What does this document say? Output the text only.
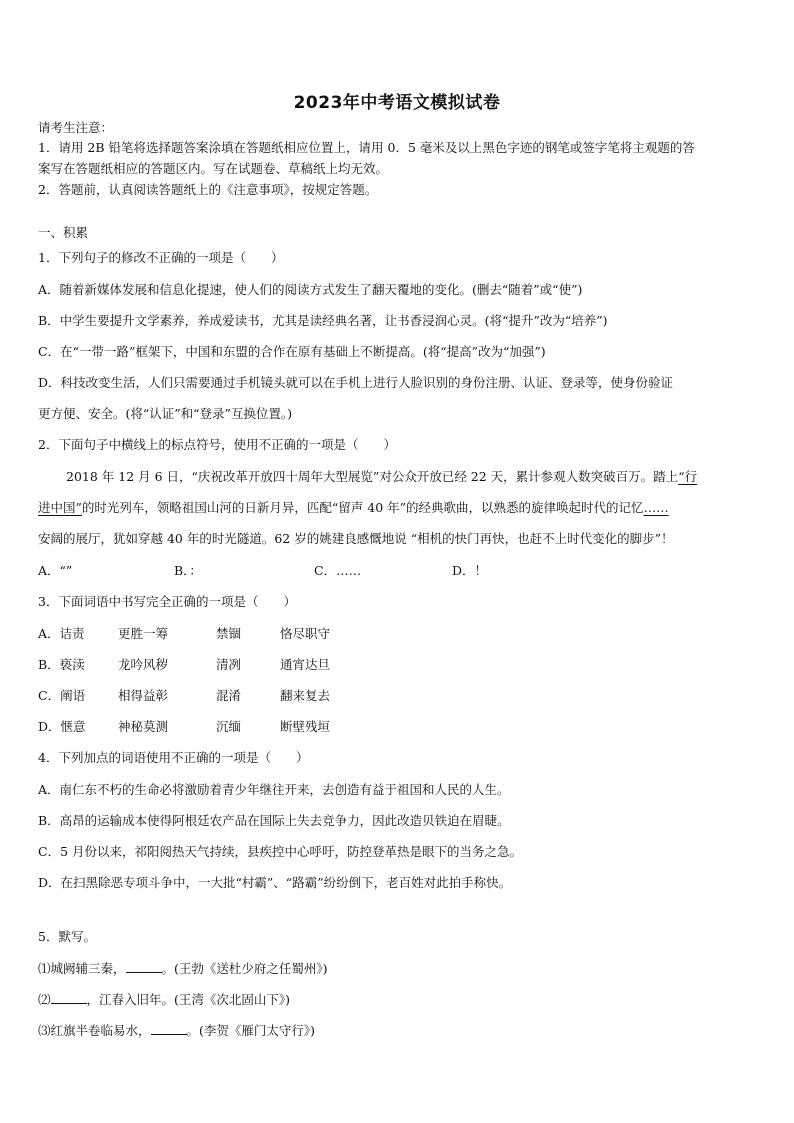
2023年中考语文模拟试卷
请考生注意：
1．请用 2B 铅笔将选择题答案涂填在答题纸相应位置上，请用 0．5 毫米及以上黑色字迹的钢笔或签字笔将主观题的答
案写在答题纸相应的答题区内。写在试题卷、草稿纸上均无效。
2．答题前，认真阅读答题纸上的《注意事项》，按规定答题。
一、积累
1．下列句子的修改不正确的一项是（　　）
A．随着新媒体发展和信息化提速，使人们的阅读方式发生了翻天覆地的变化。(删去“随着”或“使”)
B．中学生要提升文学素养，养成爱读书，尤其是读经典名著，让书香浸润心灵。(将“提升”改为“培养”)
C．在“一带一路”框架下，中国和东盟的合作在原有基础上不断提高。(将“提高”改为“加强”)
D．科技改变生活，人们只需要通过手机镜头就可以在手机上进行人脸识别的身份注册、认证、登录等，使身份验证
更方便、安全。(将“认证”和“登录”互换位置。)
2．下面句子中横线上的标点符号，使用不正确的一项是（　　）
2018 年 12 月 6 日，“庆祝改革开放四十周年大型展览”对公众开放已经 22 天，累计参观人数突破百万。踏上“行
进中国”的时光列车，领略祖国山河的日新月异，匹配“留声 40 年”的经典歌曲，以熟悉的旋律唤起时代的记忆……
安阔的展厅，犹如穿越 40 年的时光隧道。62 岁的姚建良感慨地说 “相机的快门再快，也赶不上时代变化的脚步”！
A．“”	B．：	C．……	D．！
3．下面词语中书写完全正确的一项是（　　）
A．诘责	更胜一筹	禁锢	恪尽职守
B．亵渎	龙吟风秽	清冽	通宵达旦
C．阐语	相得益彰	混淆	翻来复去
D．惬意	神秘莫测	沉缅	断壁残垣
4．下列加点的词语使用不正确的一项是（　　）
A．南仁东不朽的生命必将激励着青少年继往开来，去创造有益于祖国和人民的人生。
B．高昂的运输成本使得阿根廷农产品在国际上失去竞争力，因此改造贝铁迫在眉睫。
C．5 月份以来，祁阳阅热天气持续，县疾控中心呼吁，防控登革热是眼下的当务之急。
D．在扫黑除恶专项斗争中，一大批“村霸”、“路霸”纷纷倒下，老百姓对此拍手称快。
5．默写。
⑴城阙辅三秦，	。(王勃《送杜少府之任蜀州》)
⑵	，江春入旧年。(王湾《次北固山下》)
⑶红旗半卷临易水，	。(李贺《雁门太守行》)
